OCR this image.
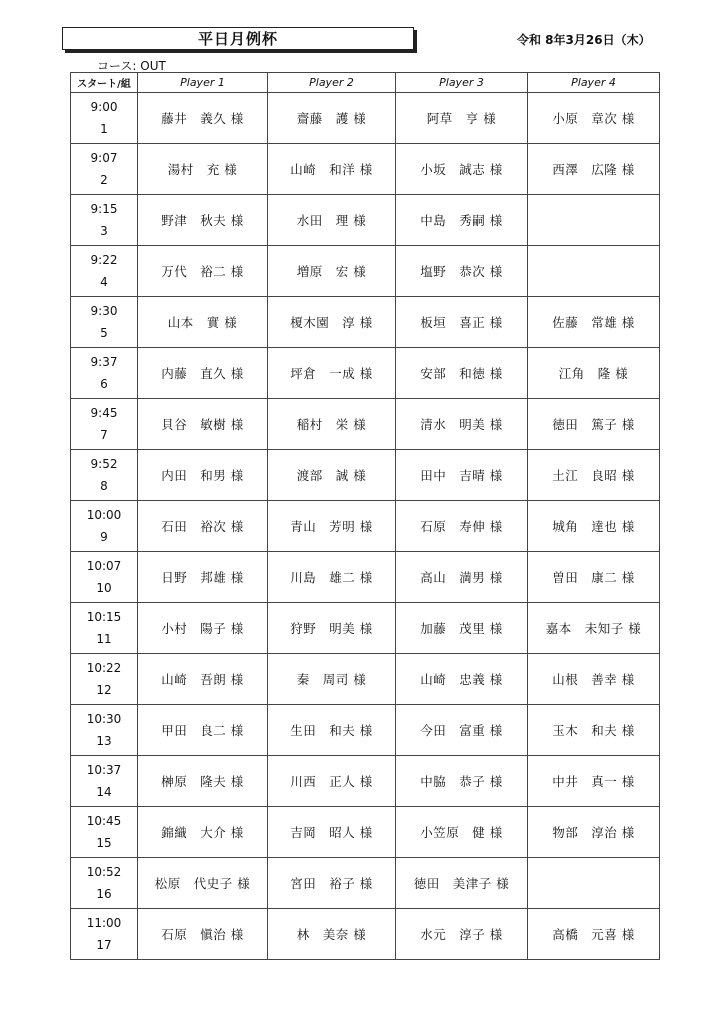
平日月例杯	令和 8年3月26日（木）
コース: OUT
スタート/組	Player 1	Player 2	Player 3	Player 4

9:00
1	藤井　義久 様	齋藤　護 様	阿草　亨 様	小原　章次 様

9:07
2	湯村　充 様	山崎　和洋 様	小坂　誠志 様	西澤　広隆 様

9:15
3	野津　秋夫 様	水田　理 様	中島　秀嗣 様	

9:22
4	万代　裕二 様	増原　宏 様	塩野　恭次 様	

9:30
5	山本　實 様	榎木園　淳 様	板垣　喜正 様	佐藤　常雄 様

9:37
6	内藤　直久 様	坪倉　一成 様	安部　和徳 様	江角　隆 様

9:45
7	貝谷　敏樹 様	稲村　栄 様	清水　明美 様	徳田　篤子 様

9:52
8	内田　和男 様	渡部　誠 様	田中　吉晴 様	土江　良昭 様

10:00
9	石田　裕次 様	青山　芳明 様	石原　寿伸 様	城角　達也 様

10:07
10	日野　邦雄 様	川島　雄二 様	高山　満男 様	曽田　康二 様

10:15
11	小村　陽子 様	狩野　明美 様	加藤　茂里 様	嘉本　未知子 様

10:22
12	山崎　吾朗 様	秦　周司 様	山崎　忠義 様	山根　善幸 様

10:30
13	甲田　良二 様	生田　和夫 様	今田　富重 様	玉木　和夫 様

10:37
14	榊原　隆夫 様	川西　正人 様	中脇　恭子 様	中井　真一 様

10:45
15	錦織　大介 様	吉岡　昭人 様	小笠原　健 様	物部　淳治 様

10:52
16	松原　代史子 様	宮田　裕子 様	徳田　美津子 様	

11:00
17	石原　愼治 様	林　美奈 様	水元　淳子 様	高橋　元喜 様
